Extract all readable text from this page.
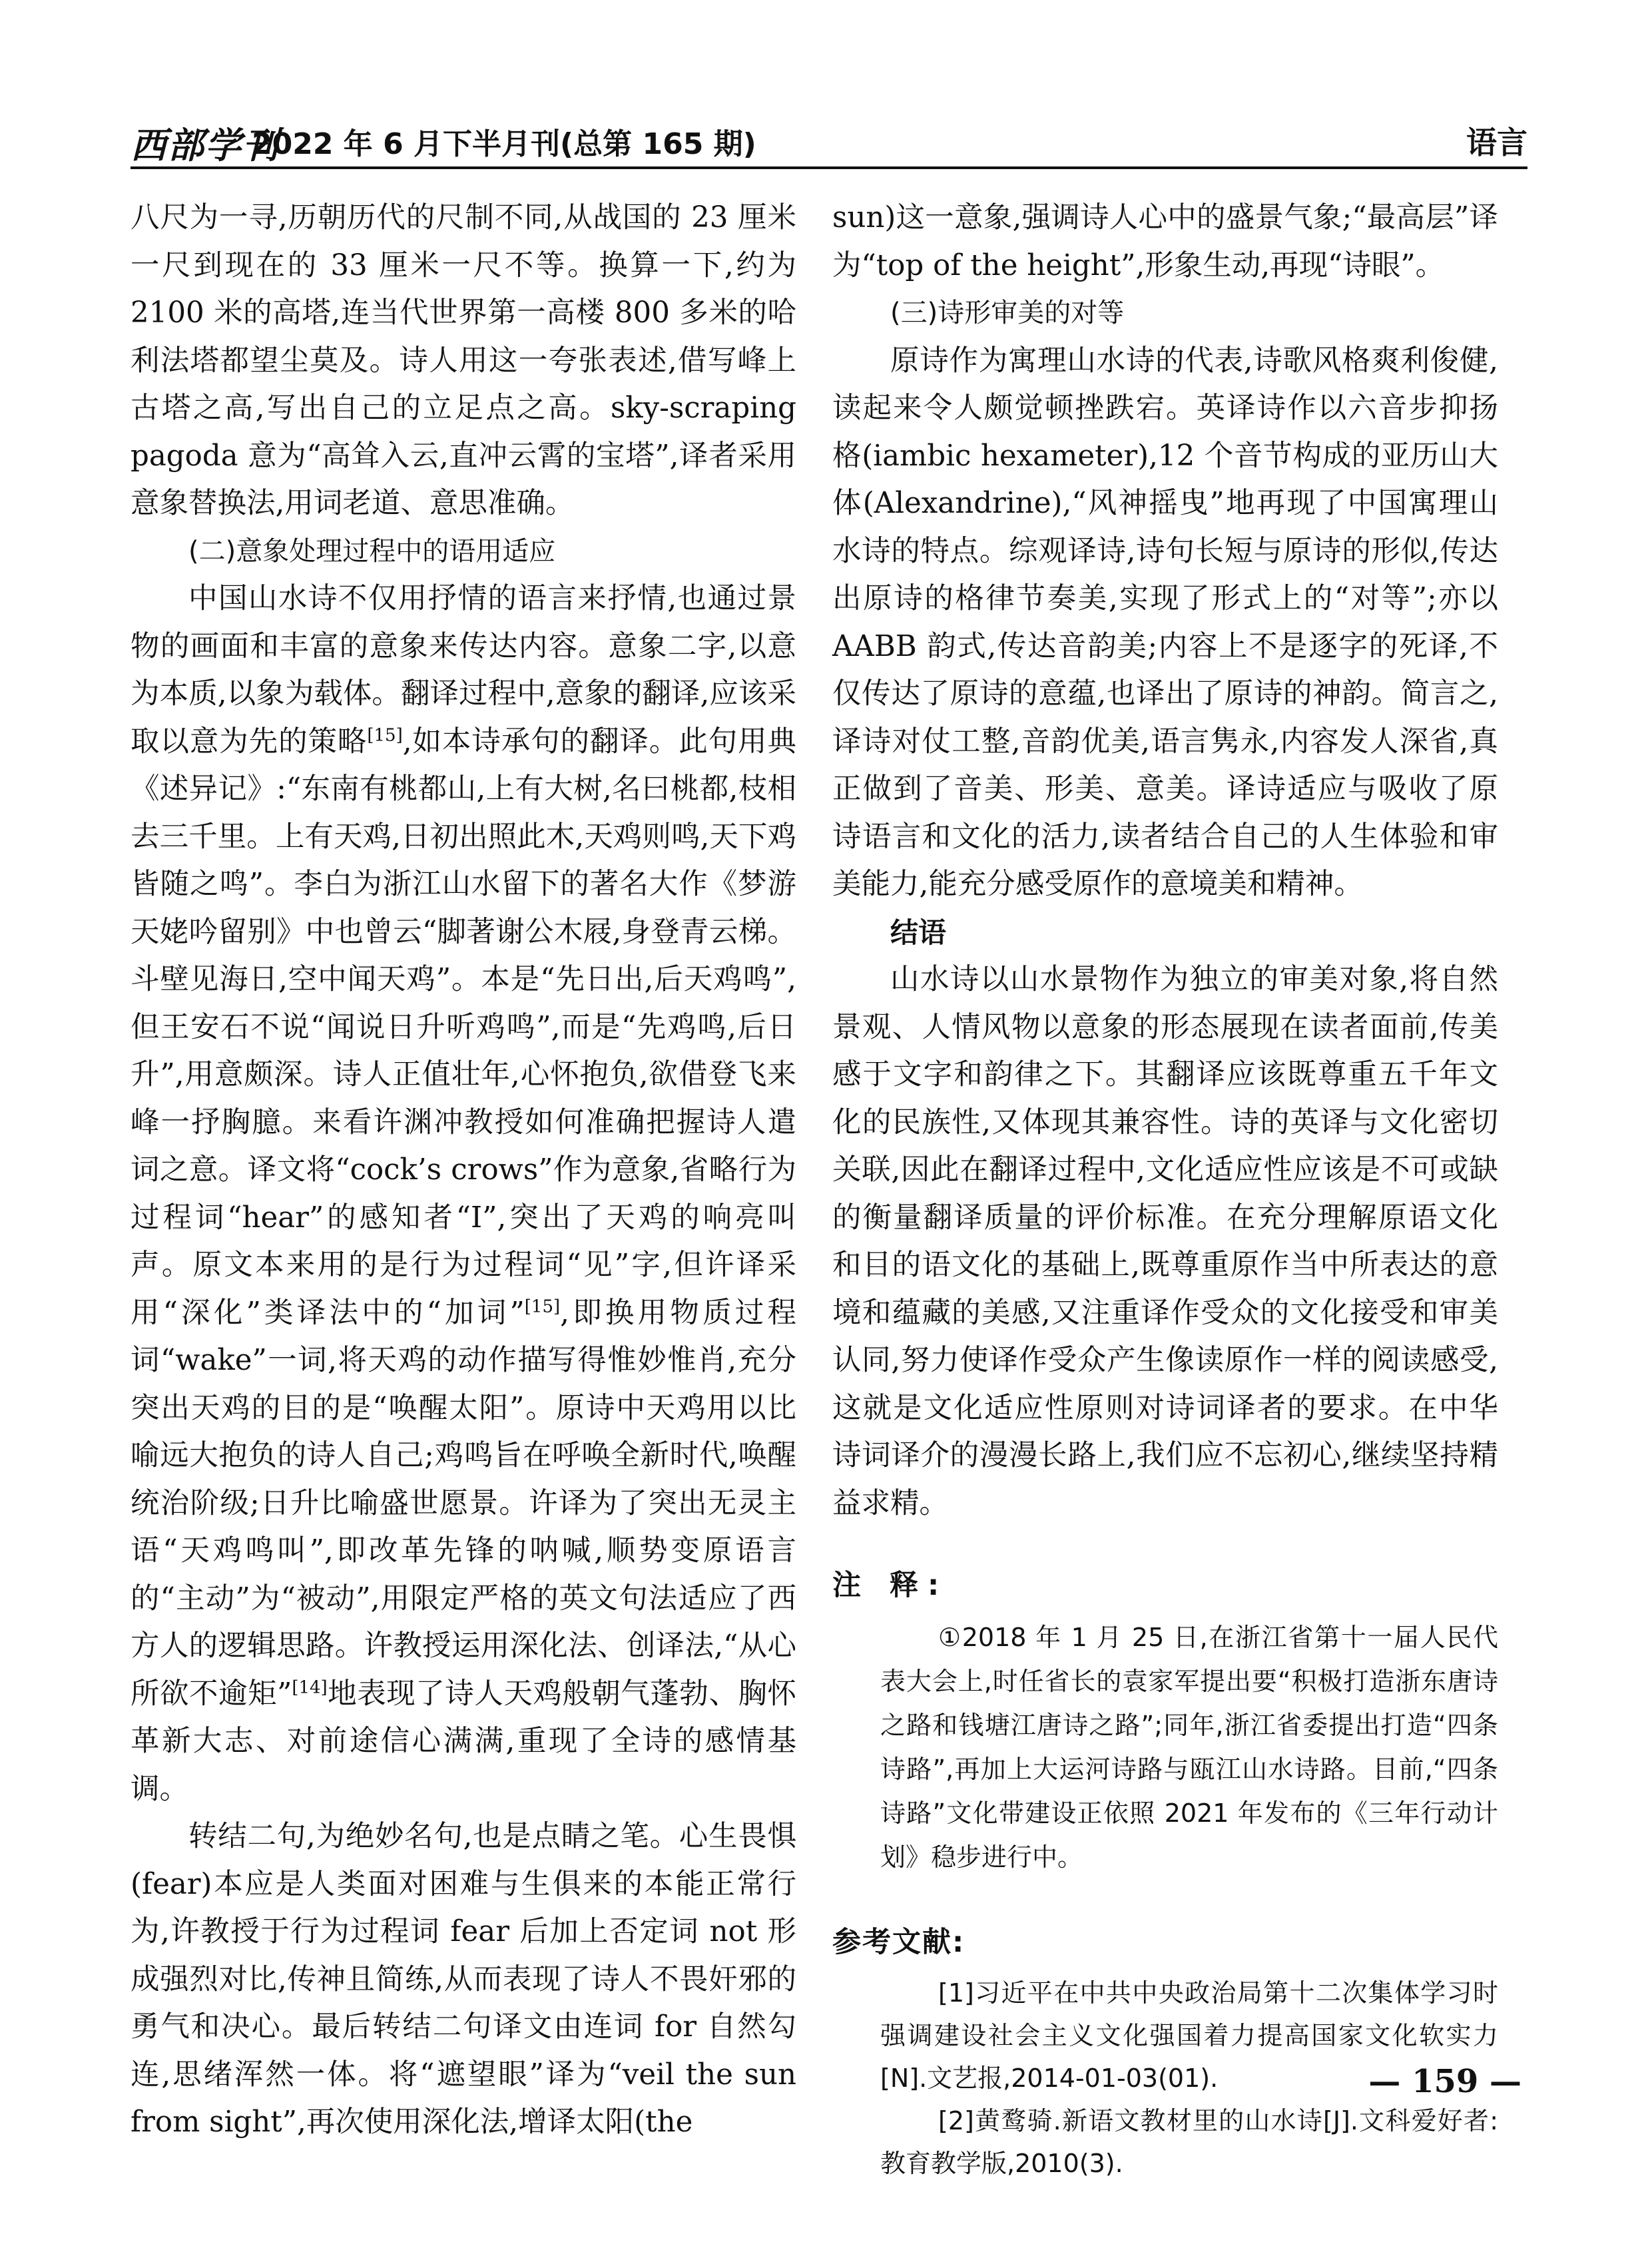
西部学刊
2022 年 6 月下半月刊(总第 165 期)	语言

八尺为一寻,历朝历代的尺制不同,从战国的 23 厘米一尺到现在的 33 厘米一尺不等。换算一下,约为 2100 米的高塔,连当代世界第一高楼 800 多米的哈利法塔都望尘莫及。诗人用这一夸张表述,借写峰上古塔之高,写出自己的立足点之高。sky-scraping pagoda 意为“高耸入云,直冲云霄的宝塔”,译者采用意象替换法,用词老道、意思准确。

(二)意象处理过程中的语用适应

中国山水诗不仅用抒情的语言来抒情,也通过景物的画面和丰富的意象来传达内容。意象二字,以意为本质,以象为载体。翻译过程中,意象的翻译,应该采取以意为先的策略[15],如本诗承句的翻译。此句用典《述异记》:“东南有桃都山,上有大树,名曰桃都,枝相去三千里。上有天鸡,日初出照此木,天鸡则鸣,天下鸡皆随之鸣”。李白为浙江山水留下的著名大作《梦游天姥吟留别》中也曾云“脚著谢公木屐,身登青云梯。斗壁见海日,空中闻天鸡”。本是“先日出,后天鸡鸣”,但王安石不说“闻说日升听鸡鸣”,而是“先鸡鸣,后日升”,用意颇深。诗人正值壮年,心怀抱负,欲借登飞来峰一抒胸臆。来看许渊冲教授如何准确把握诗人遣词之意。译文将“cock’s crows”作为意象,省略行为过程词“hear”的感知者“I”,突出了天鸡的响亮叫声。原文本来用的是行为过程词“见”字,但许译采用“深化”类译法中的“加词”[15],即换用物质过程词“wake”一词,将天鸡的动作描写得惟妙惟肖,充分突出天鸡的目的是“唤醒太阳”。原诗中天鸡用以比喻远大抱负的诗人自己;鸡鸣旨在呼唤全新时代,唤醒统治阶级;日升比喻盛世愿景。许译为了突出无灵主语“天鸡鸣叫”,即改革先锋的呐喊,顺势变原语言的“主动”为“被动”,用限定严格的英文句法适应了西方人的逻辑思路。许教授运用深化法、创译法,“从心所欲不逾矩”[14]地表现了诗人天鸡般朝气蓬勃、胸怀革新大志、对前途信心满满,重现了全诗的感情基调。

转结二句,为绝妙名句,也是点睛之笔。心生畏惧(fear)本应是人类面对困难与生俱来的本能正常行为,许教授于行为过程词 fear 后加上否定词 not 形成强烈对比,传神且简练,从而表现了诗人不畏奸邪的勇气和决心。最后转结二句译文由连词 for 自然勾连,思绪浑然一体。将“遮望眼”译为“veil the sun from sight”,再次使用深化法,增译太阳(the

sun)这一意象,强调诗人心中的盛景气象;“最高层”译为“top of the height”,形象生动,再现“诗眼”。

(三)诗形审美的对等

原诗作为寓理山水诗的代表,诗歌风格爽利俊健,读起来令人颇觉顿挫跌宕。英译诗作以六音步抑扬格(iambic hexameter),12 个音节构成的亚历山大体(Alexandrine),“风神摇曳”地再现了中国寓理山水诗的特点。综观译诗,诗句长短与原诗的形似,传达出原诗的格律节奏美,实现了形式上的“对等”;亦以 AABB 韵式,传达音韵美;内容上不是逐字的死译,不仅传达了原诗的意蕴,也译出了原诗的神韵。简言之,译诗对仗工整,音韵优美,语言隽永,内容发人深省,真正做到了音美、形美、意美。译诗适应与吸收了原诗语言和文化的活力,读者结合自己的人生体验和审美能力,能充分感受原作的意境美和精神。

结语

山水诗以山水景物作为独立的审美对象,将自然景观、人情风物以意象的形态展现在读者面前,传美感于文字和韵律之下。其翻译应该既尊重五千年文化的民族性,又体现其兼容性。诗的英译与文化密切关联,因此在翻译过程中,文化适应性应该是不可或缺的衡量翻译质量的评价标准。在充分理解原语文化和目的语文化的基础上,既尊重原作当中所表达的意境和蕴藏的美感,又注重译作受众的文化接受和审美认同,努力使译作受众产生像读原作一样的阅读感受,这就是文化适应性原则对诗词译者的要求。在中华诗词译介的漫漫长路上,我们应不忘初心,继续坚持精益求精。

注 释:

①2018 年 1 月 25 日,在浙江省第十一届人民代表大会上,时任省长的袁家军提出要“积极打造浙东唐诗之路和钱塘江唐诗之路”;同年,浙江省委提出打造“四条诗路”,再加上大运河诗路与瓯江山水诗路。目前,“四条诗路”文化带建设正依照 2021 年发布的《三年行动计划》稳步进行中。

参考文献:

[1]习近平在中共中央政治局第十二次集体学习时强调建设社会主义文化强国着力提高国家文化软实力[N].文艺报,2014-01-03(01).

[2]黄鹜骑.新语文教材里的山水诗[J].文科爱好者:教育教学版,2010(3).

— 159 —
